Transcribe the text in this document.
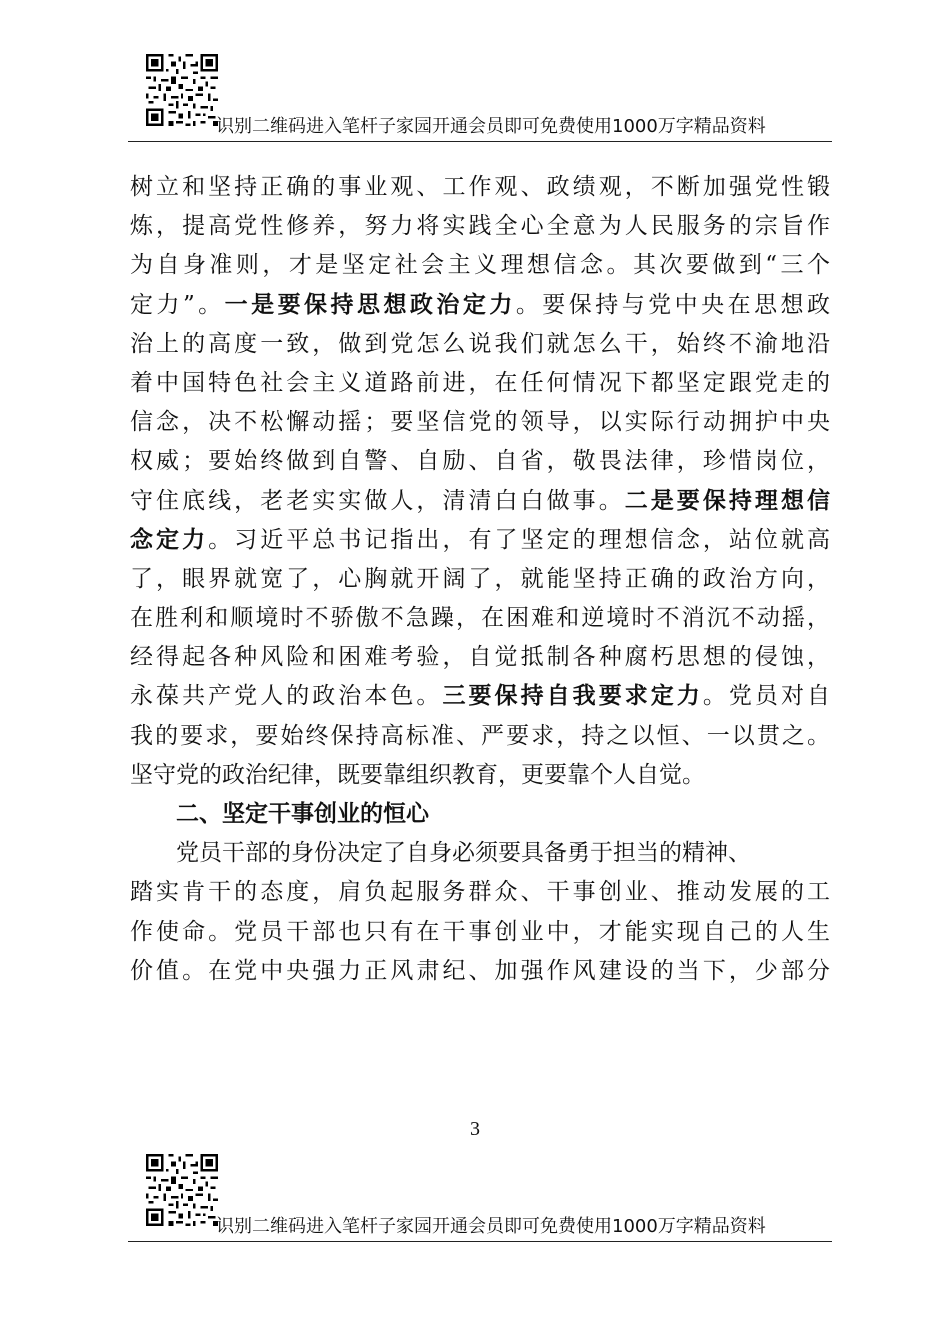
识别二维码进入笔杆子家园开通会员即可免费使用1000万字精品资料
树立和坚持正确的事业观、工作观、政绩观，不断加强党性锻
炼，提高党性修养，努力将实践全心全意为人民服务的宗旨作
为自身准则，才是坚定社会主义理想信念。其次要做到“三个
定力”。一是要保持思想政治定力。要保持与党中央在思想政
治上的高度一致，做到党怎么说我们就怎么干，始终不渝地沿
着中国特色社会主义道路前进，在任何情况下都坚定跟党走的
信念，决不松懈动摇；要坚信党的领导，以实际行动拥护中央
权威；要始终做到自警、自励、自省，敬畏法律，珍惜岗位，
守住底线，老老实实做人，清清白白做事。二是要保持理想信
念定力。习近平总书记指出，有了坚定的理想信念，站位就高
了，眼界就宽了，心胸就开阔了，就能坚持正确的政治方向，
在胜利和顺境时不骄傲不急躁，在困难和逆境时不消沉不动摇，
经得起各种风险和困难考验，自觉抵制各种腐朽思想的侵蚀，
永葆共产党人的政治本色。三要保持自我要求定力。党员对自
我的要求，要始终保持高标准、严要求，持之以恒、一以贯之。
坚守党的政治纪律，既要靠组织教育，更要靠个人自觉。
二、坚定干事创业的恒心
党员干部的身份决定了自身必须要具备勇于担当的精神、
踏实肯干的态度，肩负起服务群众、干事创业、推动发展的工
作使命。党员干部也只有在干事创业中，才能实现自己的人生
价值。在党中央强力正风肃纪、加强作风建设的当下，少部分
3
识别二维码进入笔杆子家园开通会员即可免费使用1000万字精品资料
